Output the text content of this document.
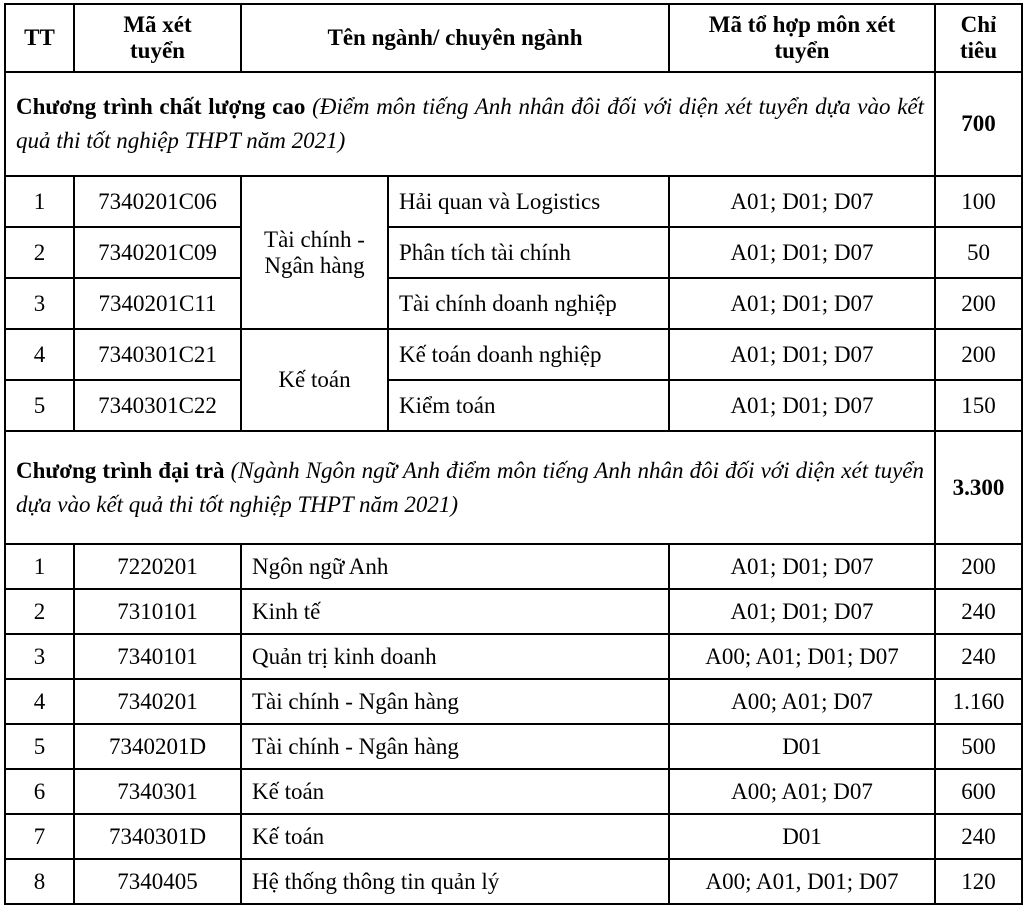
TT	Mã xét tuyển	Tên ngành/ chuyên ngành		Mã tổ hợp môn xét tuyển	Chỉ tiêu

Chương trình chất lượng cao (Điểm môn tiếng Anh nhân đôi đối với diện xét tuyển dựa vào kết quả thi tốt nghiệp THPT năm 2021)					700
1	7340201C06	Tài chính - Ngân hàng	Hải quan và Logistics	A01; D01; D07	100
2	7340201C09		Phân tích tài chính	A01; D01; D07	50
3	7340201C11		Tài chính doanh nghiệp	A01; D01; D07	200
4	7340301C21	Kế toán	Kế toán doanh nghiệp	A01; D01; D07	200
5	7340301C22		Kiểm toán	A01; D01; D07	150
Chương trình đại trà (Ngành Ngôn ngữ Anh điểm môn tiếng Anh nhân đôi đối với diện xét tuyển dựa vào kết quả thi tốt nghiệp THPT năm 2021)					3.300
1	7220201	Ngôn ngữ Anh		A01; D01; D07	200
2	7310101	Kinh tế		A01; D01; D07	240
3	7340101	Quản trị kinh doanh		A00; A01; D01; D07	240
4	7340201	Tài chính - Ngân hàng		A00; A01; D07	1.160
5	7340201D	Tài chính - Ngân hàng		D01	500
6	7340301	Kế toán		A00; A01; D07	600
7	7340301D	Kế toán		D01	240
8	7340405	Hệ thống thông tin quản lý		A00; A01, D01; D07	120
